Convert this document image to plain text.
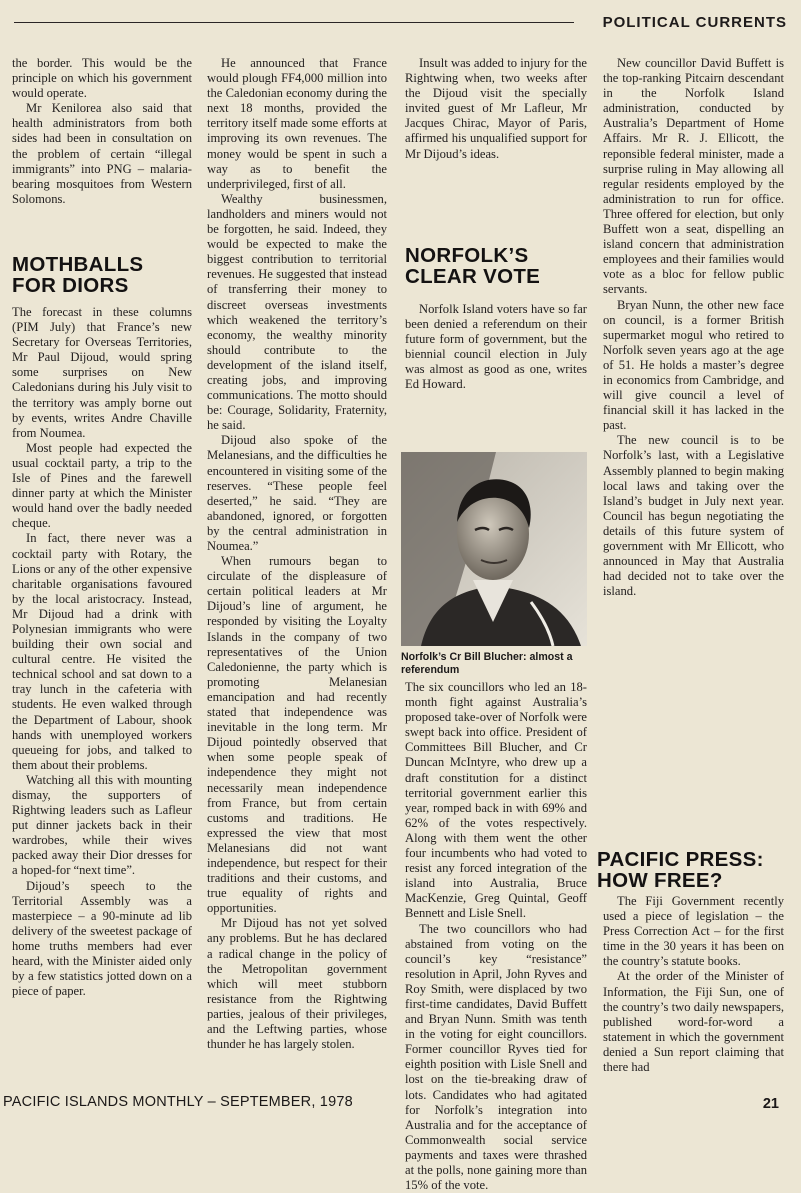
POLITICAL CURRENTS

the border. This would be the principle on which his government would operate.

Mr Kenilorea also said that health administrators from both sides had been in consultation on the problem of certain “illegal immigrants” into PNG – malaria-bearing mosquitoes from Western Solomons.

MOTHBALLS FOR DIORS

The forecast in these columns (PIM July) that France’s new Secretary for Overseas Territories, Mr Paul Dijoud, would spring some surprises on New Caledonians during his July visit to the territory was amply borne out by events, writes Andre Chaville from Noumea.

Most people had expected the usual cocktail party, a trip to the Isle of Pines and the farewell dinner party at which the Minister would hand over the badly needed cheque.

In fact, there never was a cocktail party with Rotary, the Lions or any of the other expensive charitable organisations favoured by the local aristocracy. Instead, Mr Dijoud had a drink with Polynesian immigrants who were building their own social and cultural centre. He visited the technical school and sat down to a tray lunch in the cafeteria with students. He even walked through the Department of Labour, shook hands with unemployed workers queueing for jobs, and talked to them about their problems.

Watching all this with mounting dismay, the supporters of Rightwing leaders such as Lafleur put dinner jackets back in their wardrobes, while their wives packed away their Dior dresses for a hoped-for “next time”.

Dijoud’s speech to the Territorial Assembly was a masterpiece – a 90-minute ad lib delivery of the sweetest package of home truths members had ever heard, with the Minister aided only by a few statistics jotted down on a piece of paper.

He announced that France would plough FF4,000 million into the Caledonian economy during the next 18 months, provided the territory itself made some efforts at improving its own revenues. The money would be spent in such a way as to benefit the underprivileged, first of all.

Wealthy businessmen, landholders and miners would not be forgotten, he said. Indeed, they would be expected to make the biggest contribution to territorial revenues. He suggested that instead of transferring their money to discreet overseas investments which weakened the territory’s economy, the wealthy minority should contribute to the development of the island itself, creating jobs, and improving communications. The motto should be: Courage, Solidarity, Fraternity, he said.

Dijoud also spoke of the Melanesians, and the difficulties he encountered in visiting some of the reserves. “These people feel deserted,” he said. “They are abandoned, ignored, or forgotten by the central administration in Noumea.”

When rumours began to circulate of the displeasure of certain political leaders at Mr Dijoud’s line of argument, he responded by visiting the Loyalty Islands in the company of two representatives of the Union Caledonienne, the party which is promoting Melanesian emancipation and had recently stated that independence was inevitable in the long term. Mr Dijoud pointedly observed that when some people speak of independence they might not necessarily mean independence from France, but from certain customs and traditions. He expressed the view that most Melanesians did not want independence, but respect for their traditions and their customs, and true equality of rights and opportunities.

Mr Dijoud has not yet solved any problems. But he has declared a radical change in the policy of the Metropolitan government which will meet stubborn resistance from the Rightwing parties, jealous of their privileges, and the Leftwing parties, whose thunder he has largely stolen.

Insult was added to injury for the Rightwing when, two weeks after the Dijoud visit the specially invited guest of Mr Lafleur, Mr Jacques Chirac, Mayor of Paris, affirmed his unqualified support for Mr Dijoud’s ideas.

NORFOLK’S CLEAR VOTE

Norfolk Island voters have so far been denied a referendum on their future form of government, but the biennial council election in July was almost as good as one, writes Ed Howard.

Norfolk’s Cr Bill Blucher: almost a referendum

The six councillors who led an 18-month fight against Australia’s proposed take-over of Norfolk were swept back into office. President of Committees Bill Blucher, and Cr Duncan McIntyre, who drew up a draft constitution for a distinct territorial government earlier this year, romped back in with 69% and 62% of the votes respectively. Along with them went the other four incumbents who had voted to resist any forced integration of the island into Australia, Bruce MacKenzie, Greg Quintal, Geoff Bennett and Lisle Snell.

The two councillors who had abstained from voting on the council’s key “resistance” resolution in April, John Ryves and Roy Smith, were displaced by two first-time candidates, David Buffett and Bryan Nunn. Smith was tenth in the voting for eight councillors. Former councillor Ryves tied for eighth position with Lisle Snell and lost on the tie-breaking draw of lots. Candidates who had agitated for Norfolk’s integration into Australia and for the acceptance of Commonwealth social service payments and taxes were thrashed at the polls, none gaining more than 15% of the vote.

New councillor David Buffett is the top-ranking Pitcairn descendant in the Norfolk Island administration, conducted by Australia’s Department of Home Affairs. Mr R. J. Ellicott, the reponsible federal minister, made a surprise ruling in May allowing all regular residents employed by the administration to run for office. Three offered for election, but only Buffett won a seat, dispelling an island concern that administration employees and their families would vote as a bloc for fellow public servants.

Bryan Nunn, the other new face on council, is a former British supermarket mogul who retired to Norfolk seven years ago at the age of 51. He holds a master’s degree in economics from Cambridge, and will give council a level of financial skill it has lacked in the past.

The new council is to be Norfolk’s last, with a Legislative Assembly planned to begin making local laws and taking over the Island’s budget in July next year. Council has begun negotiating the details of this future system of government with Mr Ellicott, who announced in May that Australia had decided not to take over the island.

PACIFIC PRESS: HOW FREE?

The Fiji Government recently used a piece of legislation – the Press Correction Act – for the first time in the 30 years it has been on the country’s statute books.

At the order of the Minister of Information, the Fiji Sun, one of the country’s two daily newspapers, published word-for-word a statement in which the government denied a Sun report claiming that there had

PACIFIC ISLANDS MONTHLY – SEPTEMBER, 1978	21
